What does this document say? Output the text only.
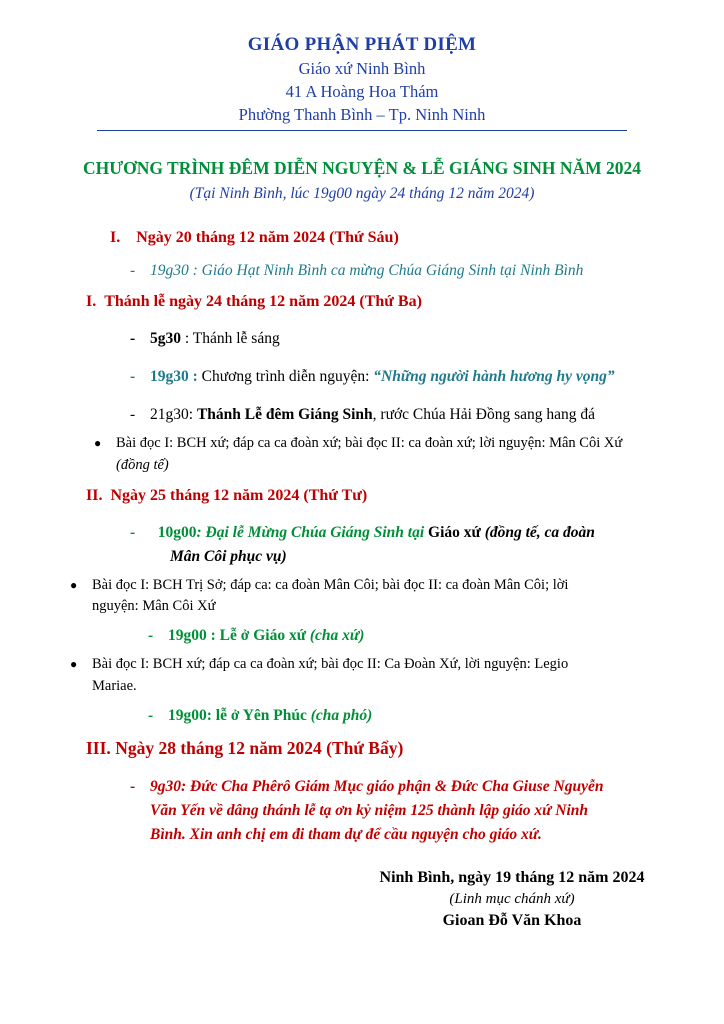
GIÁO PHẬN PHÁT DIỆM
Giáo xứ Ninh Bình
41 A Hoàng Hoa Thám
Phường Thanh Bình – Tp. Ninh Ninh
CHƯƠNG TRÌNH ĐÊM DIỄN NGUYỆN & LỄ GIÁNG SINH NĂM 2024
(Tại Ninh Bình, lúc 19g00 ngày 24 tháng 12 năm 2024)
I. Ngày 20 tháng 12 năm 2024 (Thứ Sáu)
- 19g30 : Giáo Hạt Ninh Bình ca mừng Chúa Giáng Sinh tại Ninh Bình
I. Thánh lễ ngày 24 tháng 12 năm 2024 (Thứ Ba)
- 5g30 : Thánh lễ sáng
- 19g30 : Chương trình diễn nguyện: “Những người hành hương hy vọng”
- 21g30: Thánh Lễ đêm Giáng Sinh, rước Chúa Hải Đồng sang hang đá
●	Bài đọc I: BCH xứ; đáp ca ca đoàn xứ; bài đọc II: ca đoàn xứ; lời nguyện: Mân Côi Xứ
(đồng tế)
II. Ngày 25 tháng 12 năm 2024 (Thứ Tư)
-	10g00: Đại lễ Mừng Chúa Giáng Sinh tại Giáo xứ (đồng tế, ca đoàn
Mân Côi phục vụ)
●	Bài đọc I: BCH Trị Sở; đáp ca: ca đoàn Mân Côi; bài đọc II: ca đoàn Mân Côi; lời
nguyện: Mân Côi Xứ
- 19g00 : Lễ ở Giáo xứ (cha xứ)
●	Bài đọc I: BCH xứ; đáp ca ca đoàn xứ; bài đọc II: Ca Đoàn Xứ, lời nguyện: Legio
Mariae.
- 19g00: lễ ở Yên Phúc (cha phó)
III. Ngày 28 tháng 12 năm 2024 (Thứ Bẩy)
- 9g30: Đức Cha Phêrô Giám Mục giáo phận & Đức Cha Giuse Nguyễn
Văn Yến về dâng thánh lễ tạ ơn kỷ niệm 125 thành lập giáo xứ Ninh
Bình. Xin anh chị em đi tham dự để cầu nguyện cho giáo xứ.
Ninh Bình, ngày 19 tháng 12 năm 2024
(Linh mục chánh xứ)
Gioan Đỗ Văn Khoa
